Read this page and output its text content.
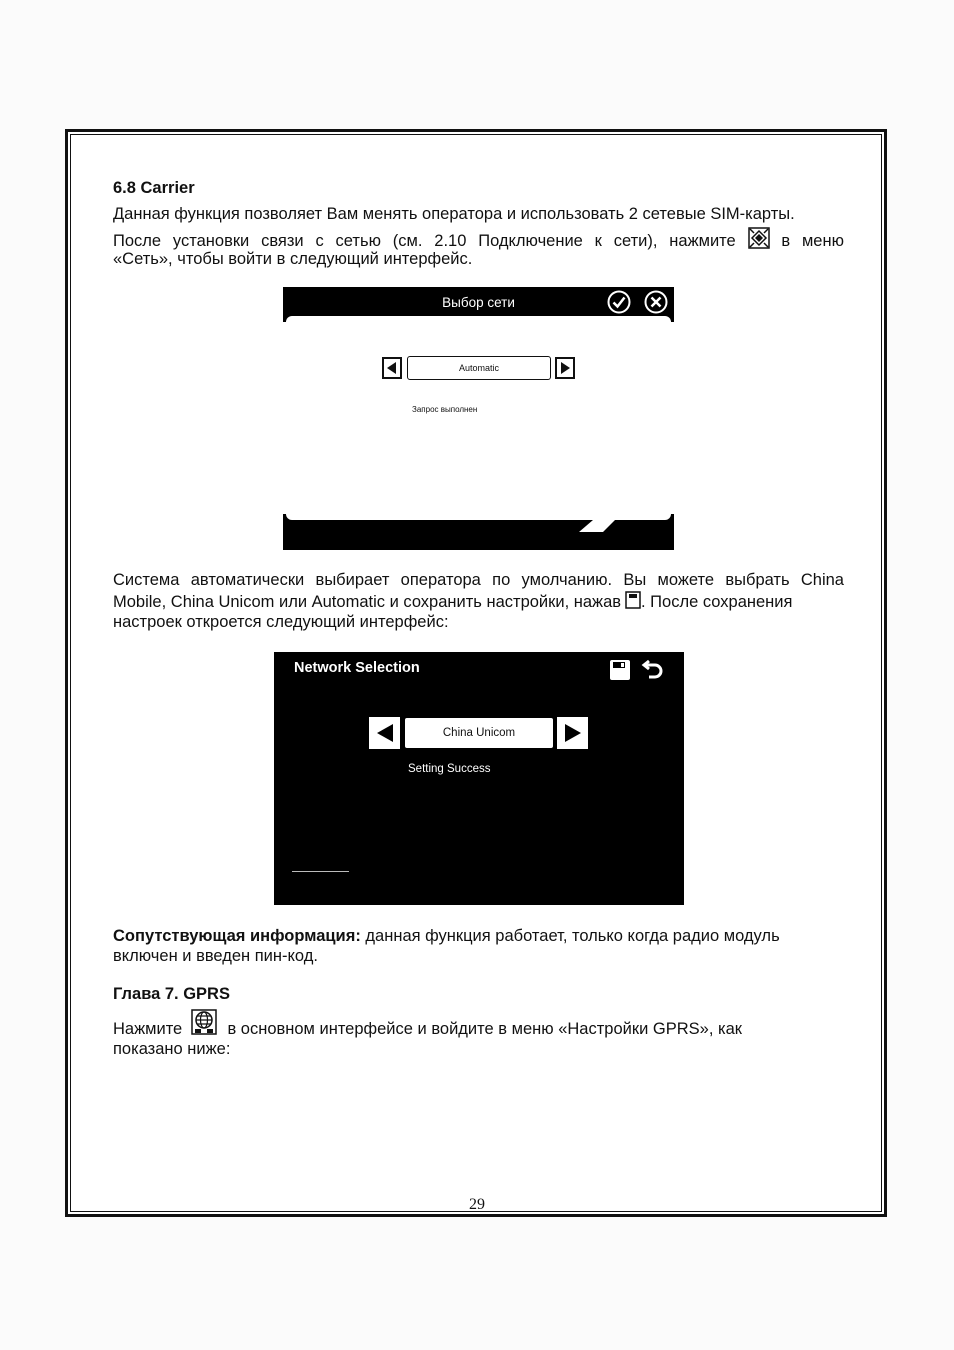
6.8 Carrier
Данная функция позволяет Вам менять оператора и использовать 2 сетевые SIM-карты.
После установки связи с сетью (см. 2.10 Подключение к сети), нажмите	в меню
«Сеть», чтобы войти в следующий интерфейс.
Выбор сети
Automatic
Запрос выполнен
Система автоматически выбирает оператора по умолчанию. Вы можете выбрать China
Mobile, China Unicom или Automatic и сохранить настройки, нажав . После сохранения
настроек откроется следующий интерфейс:
Network Selection
China Unicom
Setting Success
Сопутствующая информация: данная функция работает, только когда радио модуль
включен и введен пин-код.
Глава 7. GPRS
Нажмите	в основном интерфейсе и войдите в меню «Настройки GPRS», как
показано ниже:
29
